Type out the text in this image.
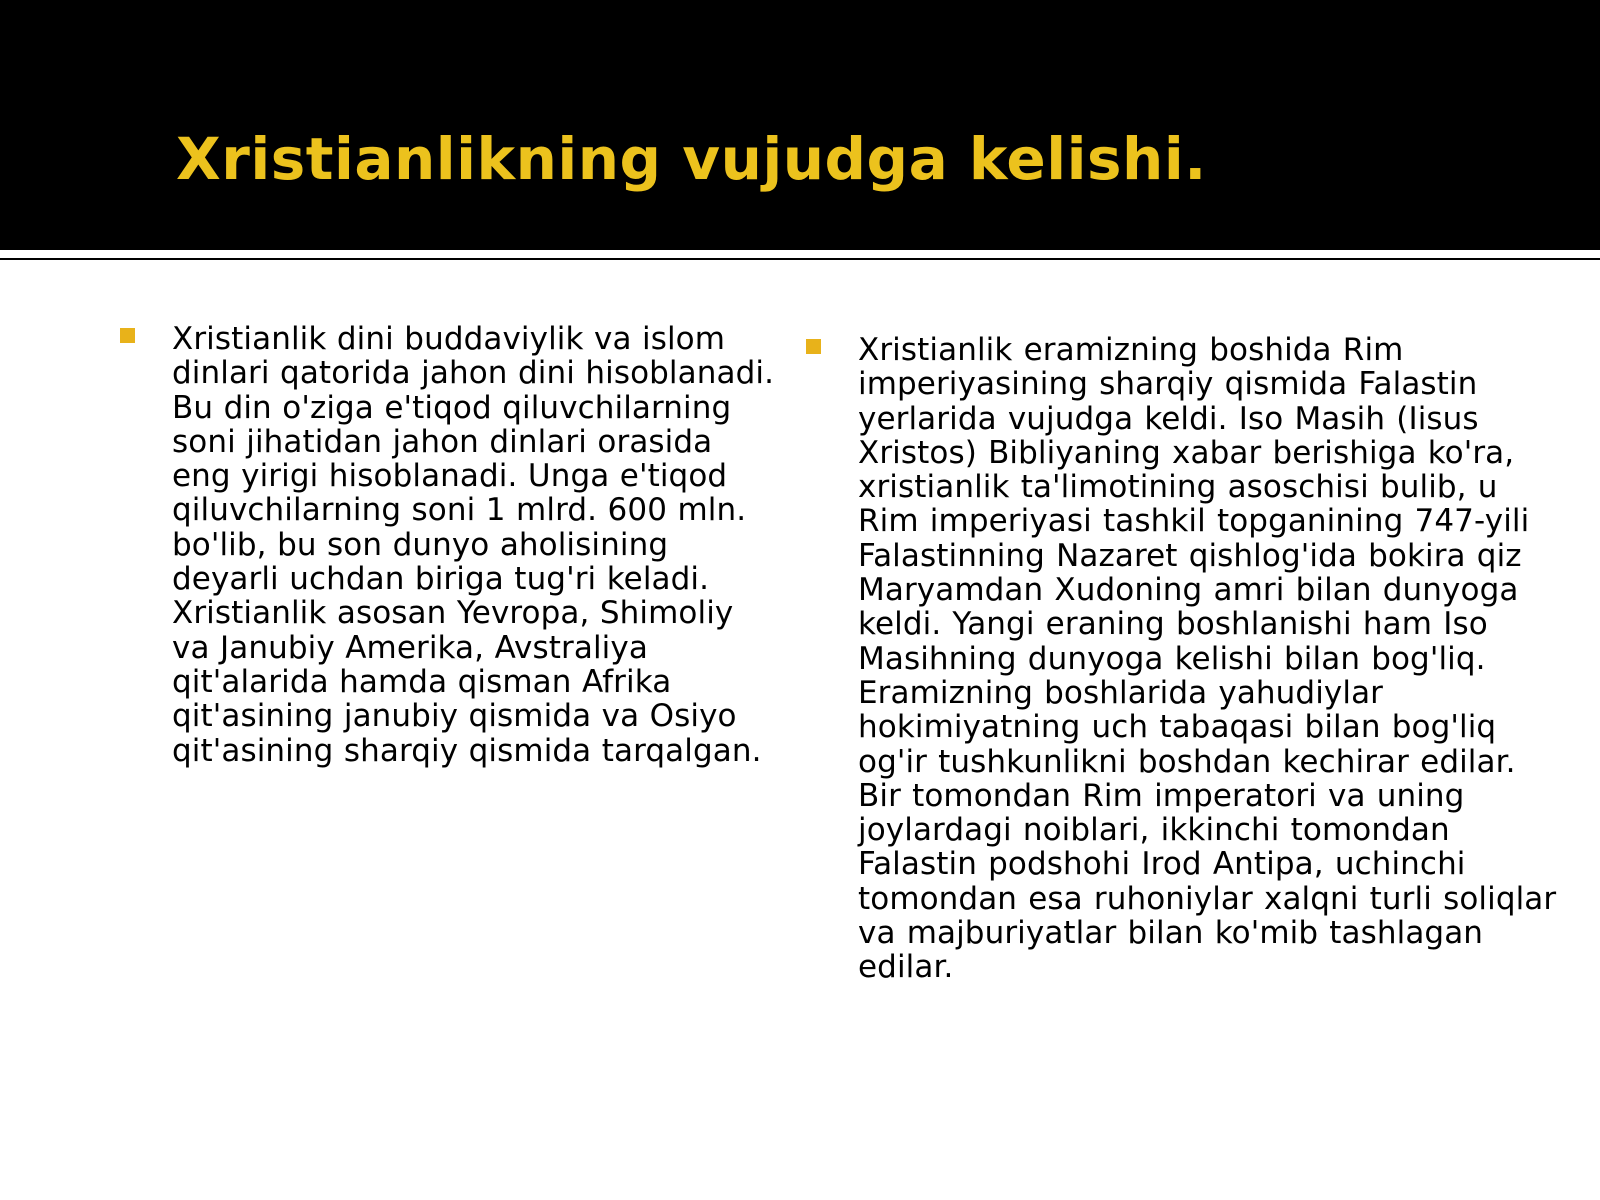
Xristianlikning vujudga kelishi.

Xristianlik dini buddaviylik va islom dinlari qatorida jahon dini hisoblanadi. Bu din o'ziga e'tiqod qiluvchilarning soni jihatidan jahon dinlari orasida eng yirigi hisoblanadi. Unga e'tiqod qiluvchilarning soni 1 mlrd. 600 mln. bo'lib, bu son dunyo aholisining deyarli uchdan biriga tug'ri keladi. Xristianlik asosan Yevropa, Shimoliy va Janubiy Amerika, Avstraliya qit'alarida hamda qisman Afrika qit'asining janubiy qismida va Osiyo qit'asining sharqiy qismida tarqalgan.

Xristianlik eramizning boshida Rim imperiyasining sharqiy qismida Falastin yerlarida vujudga keldi. Iso Masih (Iisus Xristos) Bibliyaning xabar berishiga ko'ra, xristianlik ta'limotining asoschisi bulib, u Rim imperiyasi tashkil topganining 747-yili Falastinning Nazaret qishlog'ida bokira qiz Maryamdan Xudoning amri bilan dunyoga keldi. Yangi eraning boshlanishi ham Iso Masihning dunyoga kelishi bilan bog'liq. Eramizning boshlarida yahudiylar hokimiyatning uch tabaqasi bilan bog'liq og'ir tushkunlikni boshdan kechirar edilar. Bir tomondan Rim imperatori va uning joylardagi noiblari, ikkinchi tomondan Falastin podshohi Irod Antipa, uchinchi tomondan esa ruhoniylar xalqni turli soliqlar va majburiyatlar bilan ko'mib tashlagan edilar.
